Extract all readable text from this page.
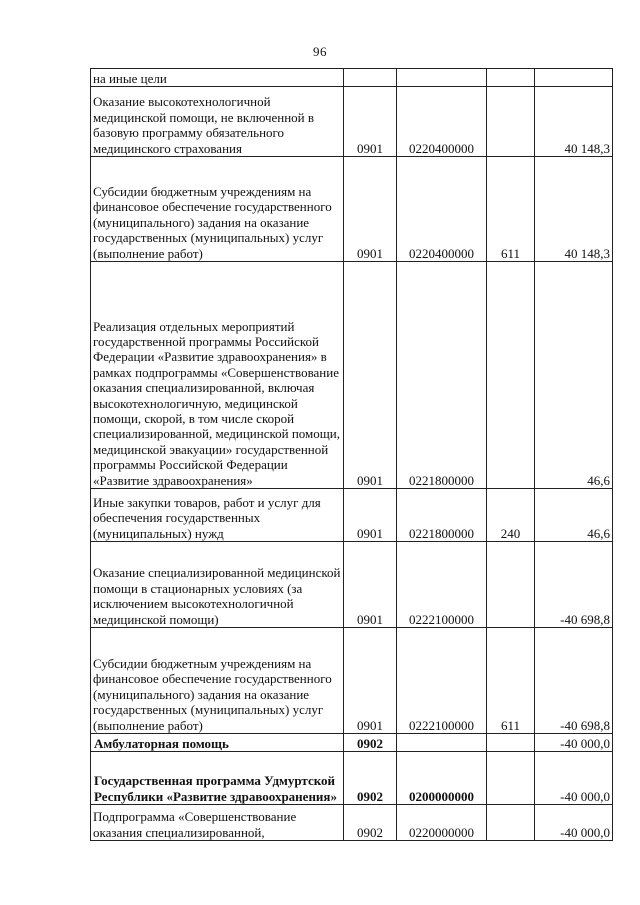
96
на иные цели				
Оказание высокотехнологичной медицинской помощи, не включенной в базовую программу обязательного медицинского страхования	0901	0220400000		40 148,3
Субсидии бюджетным учреждениям на финансовое обеспечение государственного (муниципального) задания на оказание государственных (муниципальных) услуг (выполнение работ)	0901	0220400000	611	40 148,3
Реализация отдельных мероприятий государственной программы Российской Федерации «Развитие здравоохранения» в рамках подпрограммы «Совершенствование оказания специализированной, включая высокотехнологичную, медицинской помощи, скорой, в том числе скорой специализированной, медицинской помощи, медицинской эвакуации» государственной программы Российской Федерации «Развитие здравоохранения»	0901	0221800000		46,6
Иные закупки товаров, работ и услуг для обеспечения государственных (муниципальных) нужд	0901	0221800000	240	46,6
Оказание специализированной медицинской помощи в стационарных условиях (за исключением высокотехнологичной медицинской помощи)	0901	0222100000		-40 698,8
Субсидии бюджетным учреждениям на финансовое обеспечение государственного (муниципального) задания на оказание государственных (муниципальных) услуг (выполнение работ)	0901	0222100000	611	-40 698,8
Амбулаторная помощь	0902			-40 000,0
Государственная программа Удмуртской Республики «Развитие здравоохранения»	0902	0200000000		-40 000,0
Подпрограмма «Совершенствование оказания специализированной,	0902	0220000000		-40 000,0
